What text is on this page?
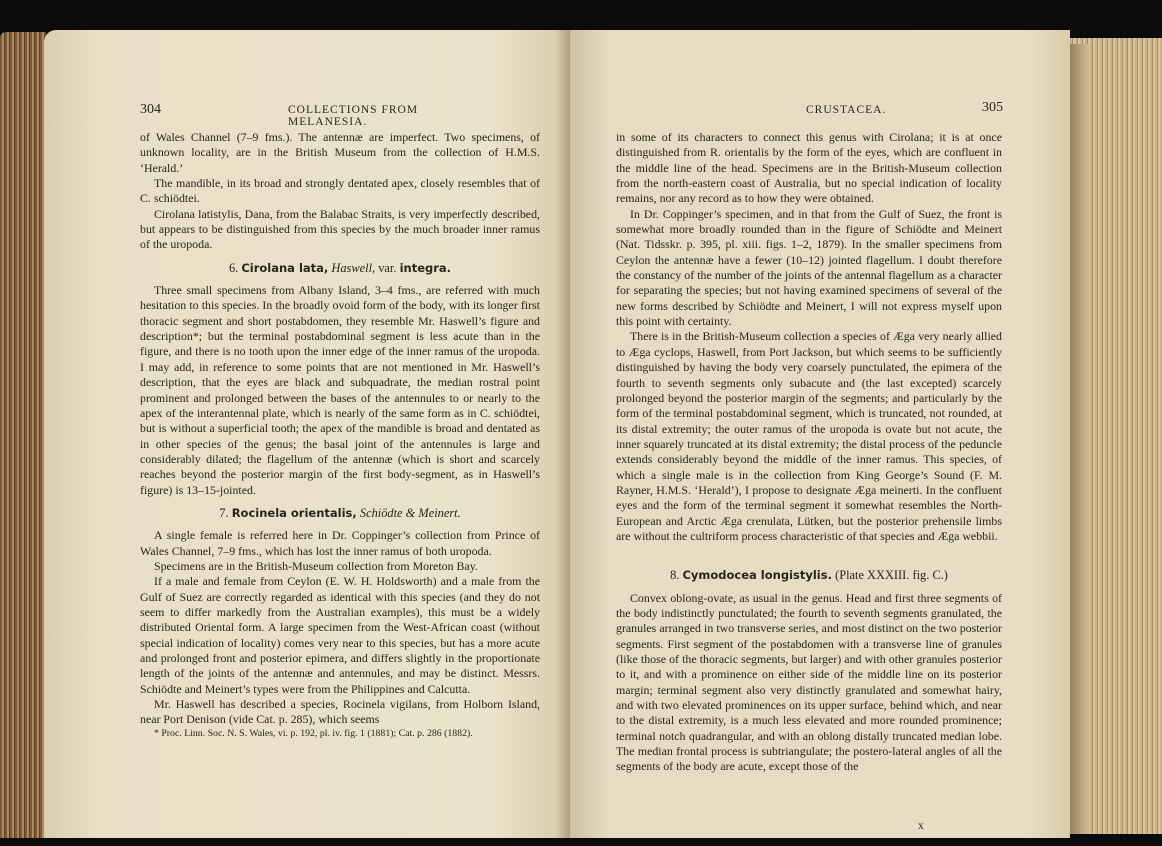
304	COLLECTIONS FROM MELANESIA.

of Wales Channel (7–9 fms.). The antennæ are imperfect. Two specimens, of unknown locality, are in the British Museum from the collection of H.M.S. ‘Herald.’

The mandible, in its broad and strongly dentated apex, closely resembles that of C. schiödtei.

Cirolana latistylis, Dana, from the Balabac Straits, is very imperfectly described, but appears to be distinguished from this species by the much broader inner ramus of the uropoda.

6. Cirolana lata, Haswell, var. integra.

Three small specimens from Albany Island, 3–4 fms., are referred with much hesitation to this species. In the broadly ovoid form of the body, with its longer first thoracic segment and short postabdomen, they resemble Mr. Haswell’s figure and description*; but the terminal postabdominal segment is less acute than in the figure, and there is no tooth upon the inner edge of the inner ramus of the uropoda. I may add, in reference to some points that are not mentioned in Mr. Haswell’s description, that the eyes are black and subquadrate, the median rostral point prominent and prolonged between the bases of the antennules to or nearly to the apex of the interantennal plate, which is nearly of the same form as in C. schiödtei, but is without a superficial tooth; the apex of the mandible is broad and dentated as in other species of the genus; the basal joint of the antennules is large and considerably dilated; the flagellum of the antennæ (which is short and scarcely reaches beyond the posterior margin of the first body-segment, as in Haswell’s figure) is 13–15-jointed.

7. Rocinela orientalis, Schiödte & Meinert.

A single female is referred here in Dr. Coppinger’s collection from Prince of Wales Channel, 7–9 fms., which has lost the inner ramus of both uropoda.

Specimens are in the British-Museum collection from Moreton Bay.

If a male and female from Ceylon (E. W. H. Holdsworth) and a male from the Gulf of Suez are correctly regarded as identical with this species (and they do not seem to differ markedly from the Australian examples), this must be a widely distributed Oriental form. A large specimen from the West-African coast (without special indication of locality) comes very near to this species, but has a more acute and prolonged front and posterior epimera, and differs slightly in the proportionate length of the joints of the antennæ and antennules, and may be distinct. Messrs. Schiödte and Meinert’s types were from the Philippines and Calcutta.

Mr. Haswell has described a species, Rocinela vigilans, from Holborn Island, near Port Denison (vide Cat. p. 285), which seems

* Proc. Linn. Soc. N. S. Wales, vi. p. 192, pl. iv. fig. 1 (1881); Cat. p. 286 (1882).

CRUSTACEA.	305

in some of its characters to connect this genus with Cirolana; it is at once distinguished from R. orientalis by the form of the eyes, which are confluent in the middle line of the head. Specimens are in the British-Museum collection from the north-eastern coast of Australia, but no special indication of locality remains, nor any record as to how they were obtained.

In Dr. Coppinger’s specimen, and in that from the Gulf of Suez, the front is somewhat more broadly rounded than in the figure of Schiödte and Meinert (Nat. Tidsskr. p. 395, pl. xiii. figs. 1–2, 1879). In the smaller specimens from Ceylon the antennæ have a fewer (10–12) jointed flagellum. I doubt therefore the constancy of the number of the joints of the antennal flagellum as a character for separating the species; but not having examined specimens of several of the new forms described by Schiödte and Meinert, I will not express myself upon this point with certainty.

There is in the British-Museum collection a species of Æga very nearly allied to Æga cyclops, Haswell, from Port Jackson, but which seems to be sufficiently distinguished by having the body very coarsely punctulated, the epimera of the fourth to seventh segments only subacute and (the last excepted) scarcely prolonged beyond the posterior margin of the segments; and particularly by the form of the terminal postabdominal segment, which is truncated, not rounded, at its distal extremity; the outer ramus of the uropoda is ovate but not acute, the inner squarely truncated at its distal extremity; the distal process of the peduncle extends considerably beyond the middle of the inner ramus. This species, of which a single male is in the collection from King George’s Sound (F. M. Rayner, H.M.S. ‘Herald’), I propose to designate Æga meinerti. In the confluent eyes and the form of the terminal segment it somewhat resembles the North-European and Arctic Æga crenulata, Lütken, but the posterior prehensile limbs are without the cultriform process characteristic of that species and Æga webbii.

8. Cymodocea longistylis. (Plate XXXIII. fig. C.)

Convex oblong-ovate, as usual in the genus. Head and first three segments of the body indistinctly punctulated; the fourth to seventh segments granulated, the granules arranged in two transverse series, and most distinct on the two posterior segments. First segment of the postabdomen with a transverse line of granules (like those of the thoracic segments, but larger) and with other granules posterior to it, and with a prominence on either side of the middle line on its posterior margin; terminal segment also very distinctly granulated and somewhat hairy, and with two elevated prominences on its upper surface, behind which, and near to the distal extremity, is a much less elevated and more rounded prominence; terminal notch quadrangular, and with an oblong distally truncated median lobe. The median frontal process is subtriangulate; the postero-lateral angles of all the segments of the body are acute, except those of the

x
